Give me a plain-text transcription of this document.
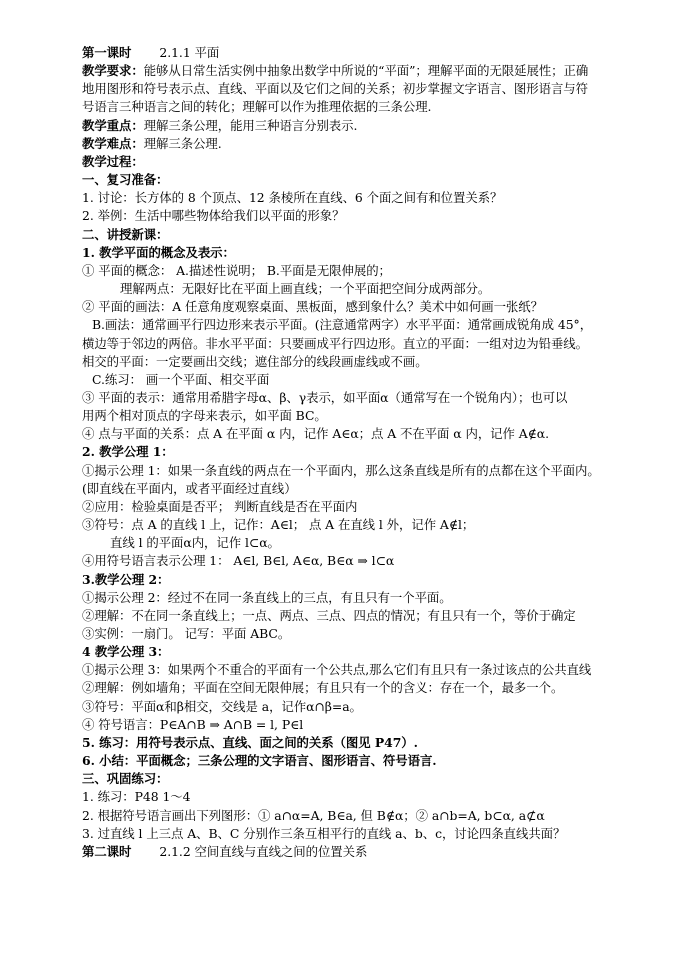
第一课时 2.1.1 平面
教学要求：能够从日常生活实例中抽象出数学中所说的“平面”；理解平面的无限延展性；正确
地用图形和符号表示点、直线、平面以及它们之间的关系；初步掌握文字语言、图形语言与符
号语言三种语言之间的转化；理解可以作为推理依据的三条公理.
教学重点：理解三条公理，能用三种语言分别表示.
教学难点：理解三条公理.
教学过程：
一、复习准备：
1. 讨论：长方体的 8 个顶点、12 条棱所在直线、6 个面之间有和位置关系？
2. 举例：生活中哪些物体给我们以平面的形象？
二、讲授新课：
1. 教学平面的概念及表示：
① 平面的概念： A.描述性说明； B.平面是无限伸展的；
理解两点：无限好比在平面上画直线；一个平面把空间分成两部分。
② 平面的画法：A 任意角度观察桌面、黑板面，感到象什么？美术中如何画一张纸？
B.画法：通常画平行四边形来表示平面。(注意通常两字）水平平面：通常画成锐角成 45°，
横边等于邻边的两倍。非水平平面：只要画成平行四边形。直立的平面：一组对边为铅垂线。
相交的平面：一定要画出交线；遮住部分的线段画虚线或不画。
C.练习： 画一个平面、相交平面
③ 平面的表示：通常用希腊字母α、β、γ表示，如平面α（通常写在一个锐角内）；也可以
用两个相对顶点的字母来表示，如平面 BC。
④ 点与平面的关系：点 A 在平面 α 内，记作 A∈α；点 A 不在平面 α 内，记作 A∉α.
2. 教学公理 1：
①揭示公理 1：如果一条直线的两点在一个平面内，那么这条直线是所有的点都在这个平面内。
(即直线在平面内，或者平面经过直线）
②应用：检验桌面是否平； 判断直线是否在平面内
③符号：点 A 的直线 l 上，记作：A∈l； 点 A 在直线 l 外，记作 A∉l；
直线 l 的平面α内，记作 l⊂α。
④用符号语言表示公理 1： A∈l, B∈l, A∈α, B∈α ⇒ l⊂α
3.教学公理 2：
①揭示公理 2：经过不在同一条直线上的三点，有且只有一个平面。
②理解：不在同一条直线上；一点、两点、三点、四点的情况；有且只有一个，等价于确定
③实例：一扇门。 记写：平面 ABC。
4 教学公理 3：
①揭示公理 3：如果两个不重合的平面有一个公共点,那么它们有且只有一条过该点的公共直线
②理解：例如墙角；平面在空间无限伸展；有且只有一个的含义：存在一个，最多一个。
③符号：平面α和β相交，交线是 a，记作α∩β=a。
④ 符号语言：P∈A∩B ⇒ A∩B = l, P∈l
5. 练习：用符号表示点、直线、面之间的关系（图见 P47）.
6. 小结：平面概念；三条公理的文字语言、图形语言、符号语言.
三、巩固练习：
1. 练习：P48 1～4
2. 根据符号语言画出下列图形：① a∩α=A, B∈a, 但 B∉α；② a∩b=A, b⊂α, a⊄α
3. 过直线 l 上三点 A、B、C 分别作三条互相平行的直线 a、b、c，讨论四条直线共面？
第二课时 2.1.2 空间直线与直线之间的位置关系
